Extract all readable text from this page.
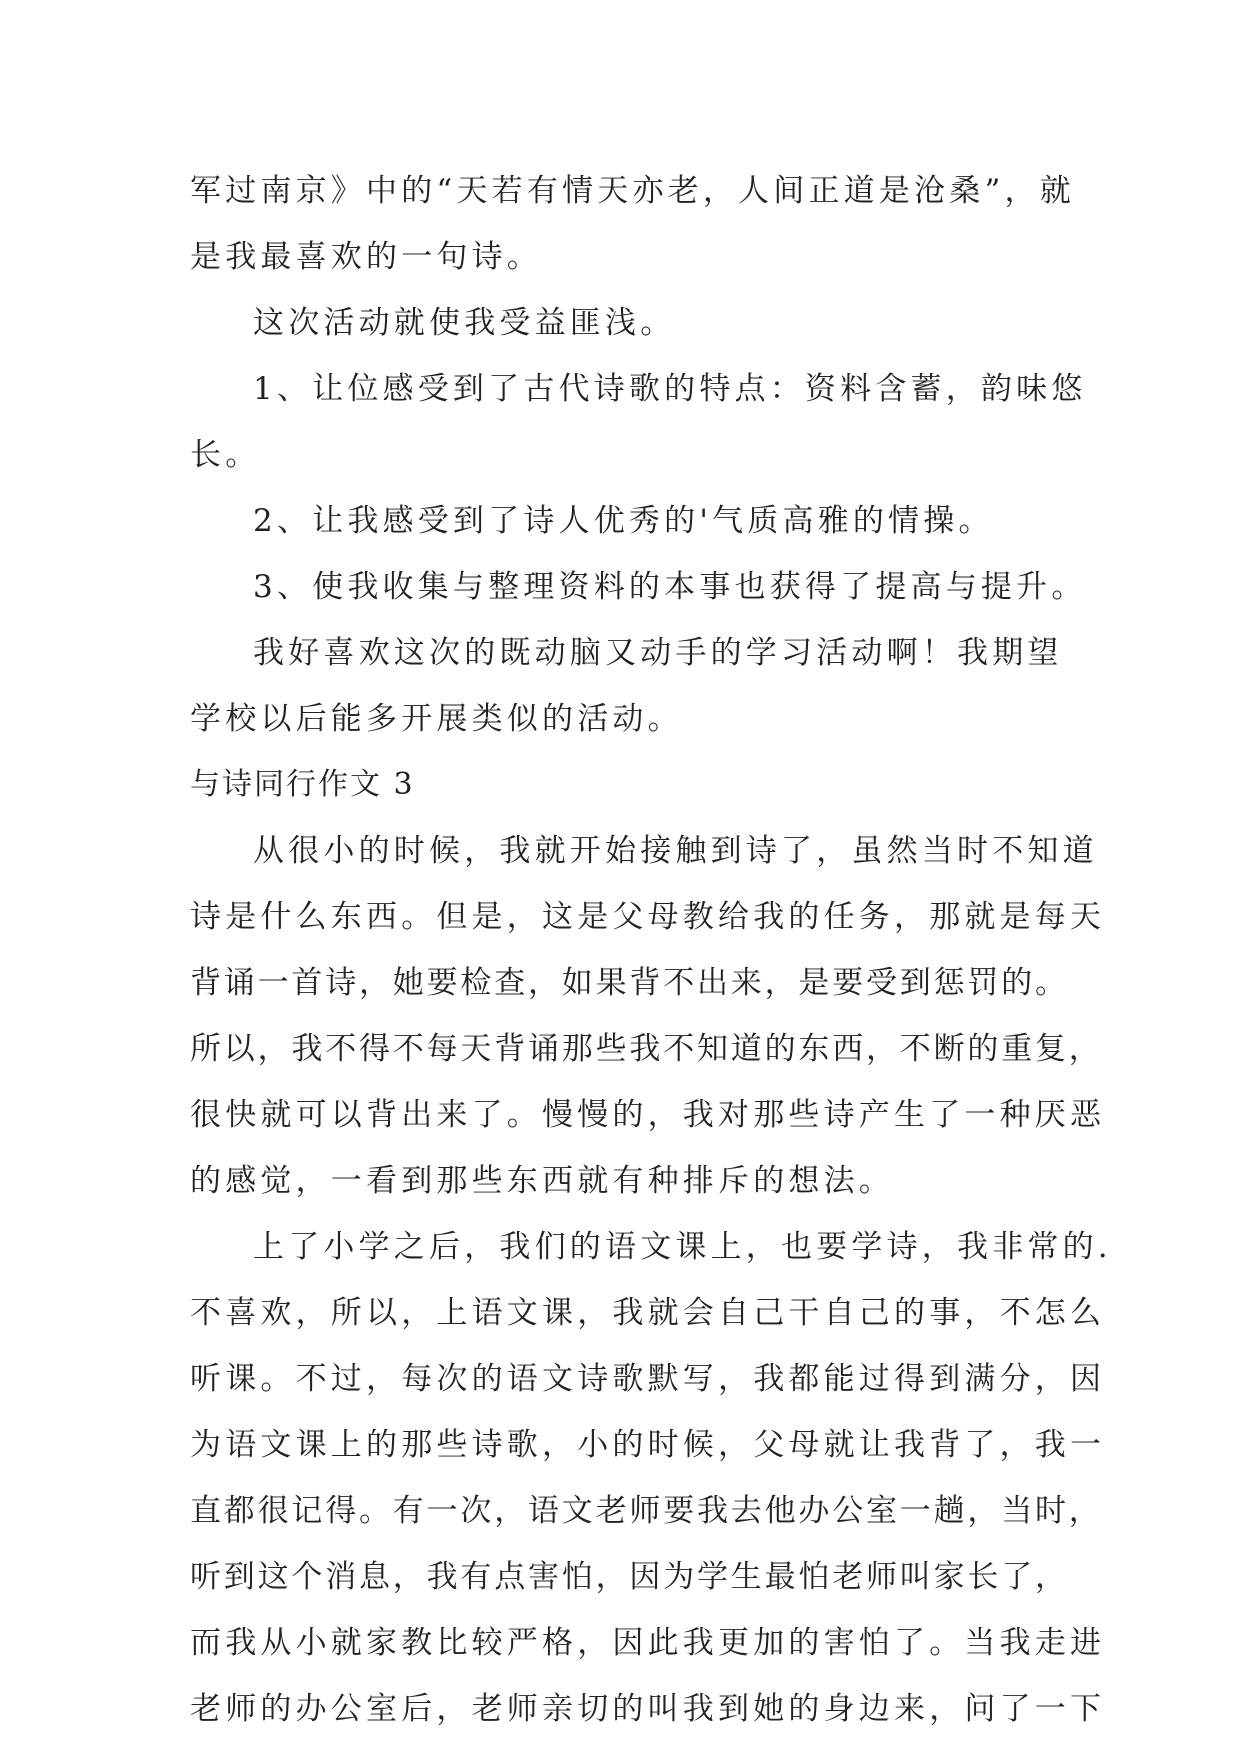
军过南京》中的“天若有情天亦老，人间正道是沧桑”，就
是我最喜欢的一句诗。
这次活动就使我受益匪浅。
1、让位感受到了古代诗歌的特点：资料含蓄，韵味悠
长。
2、让我感受到了诗人优秀的'气质高雅的情操。
3、使我收集与整理资料的本事也获得了提高与提升。
我好喜欢这次的既动脑又动手的学习活动啊！我期望
学校以后能多开展类似的活动。
与诗同行作文 3
从很小的时候，我就开始接触到诗了，虽然当时不知道
诗是什么东西。但是，这是父母教给我的任务，那就是每天
背诵一首诗，她要检查，如果背不出来，是要受到惩罚的。
所以，我不得不每天背诵那些我不知道的东西，不断的重复，
很快就可以背出来了。慢慢的，我对那些诗产生了一种厌恶
的感觉，一看到那些东西就有种排斥的想法。
上了小学之后，我们的语文课上，也要学诗，我非常的.
不喜欢，所以，上语文课，我就会自己干自己的事，不怎么
听课。不过，每次的语文诗歌默写，我都能过得到满分，因
为语文课上的那些诗歌，小的时候，父母就让我背了，我一
直都很记得。有一次，语文老师要我去他办公室一趟，当时，
听到这个消息，我有点害怕，因为学生最怕老师叫家长了，
而我从小就家教比较严格，因此我更加的害怕了。当我走进
老师的办公室后，老师亲切的叫我到她的身边来，问了一下
